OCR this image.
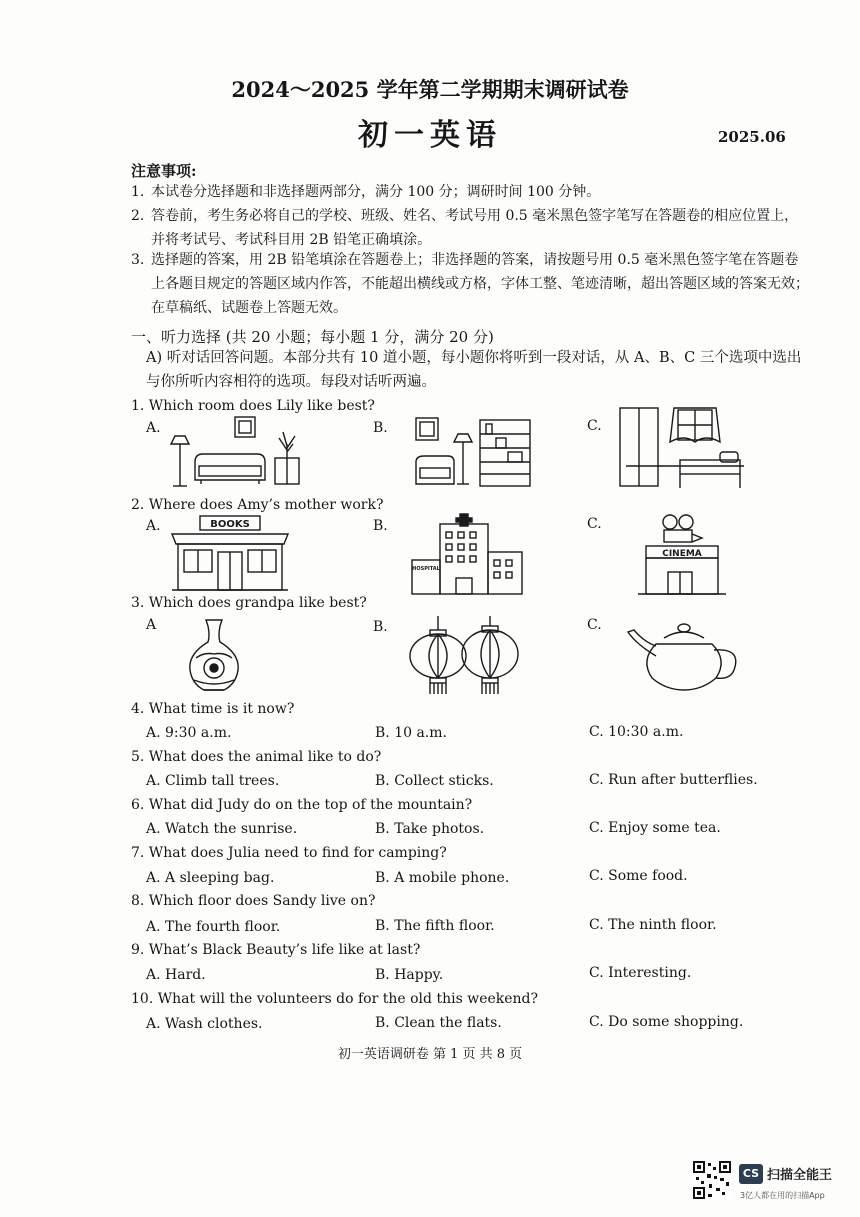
2024～2025 学年第二学期期末调研试卷
初一英语	2025.06
注意事项:
1. 本试卷分选择题和非选择题两部分，满分 100 分；调研时间 100 分钟。
2. 答卷前，考生务必将自己的学校、班级、姓名、考试号用 0.5 毫米黑色签字笔写在答题卷的相应位置上，并将考试号、考试科目用 2B 铅笔正确填涂。
3. 选择题的答案，用 2B 铅笔填涂在答题卷上；非选择题的答案，请按题号用 0.5 毫米黑色签字笔在答题卷上各题目规定的答题区域内作答，不能超出横线或方格，字体工整、笔迹清晰，超出答题区域的答案无效；在草稿纸、试题卷上答题无效。
一、听力选择 (共 20 小题；每小题 1 分，满分 20 分)
A) 听对话回答问题。本部分共有 10 道小题，每小题你将听到一段对话，从 A、B、C 三个选项中选出与你所听内容相符的选项。每段对话听两遍。
1. Which room does Lily like best?
A.	B.	C.
2. Where does Amy’s mother work?
A.	B.	C.
BOOKS
HOSPITAL
CINEMA
3. Which does grandpa like best?
A	B.	C.
4. What time is it now?
A. 9:30 a.m.	B. 10 a.m.	C. 10:30 a.m.
5. What does the animal like to do?
A. Climb tall trees.	B. Collect sticks.	C. Run after butterflies.
6. What did Judy do on the top of the mountain?
A. Watch the sunrise.	B. Take photos.	C. Enjoy some tea.
7. What does Julia need to find for camping?
A. A sleeping bag.	B. A mobile phone.	C. Some food.
8. Which floor does Sandy live on?
A. The fourth floor.	B. The fifth floor.	C. The ninth floor.
9. What’s Black Beauty’s life like at last?
A. Hard.	B. Happy.	C. Interesting.
10. What will the volunteers do for the old this weekend?
A. Wash clothes.	B. Clean the flats.	C. Do some shopping.
初一英语调研卷 第 1 页 共 8 页
CS 扫描全能王
3亿人都在用的扫描App
